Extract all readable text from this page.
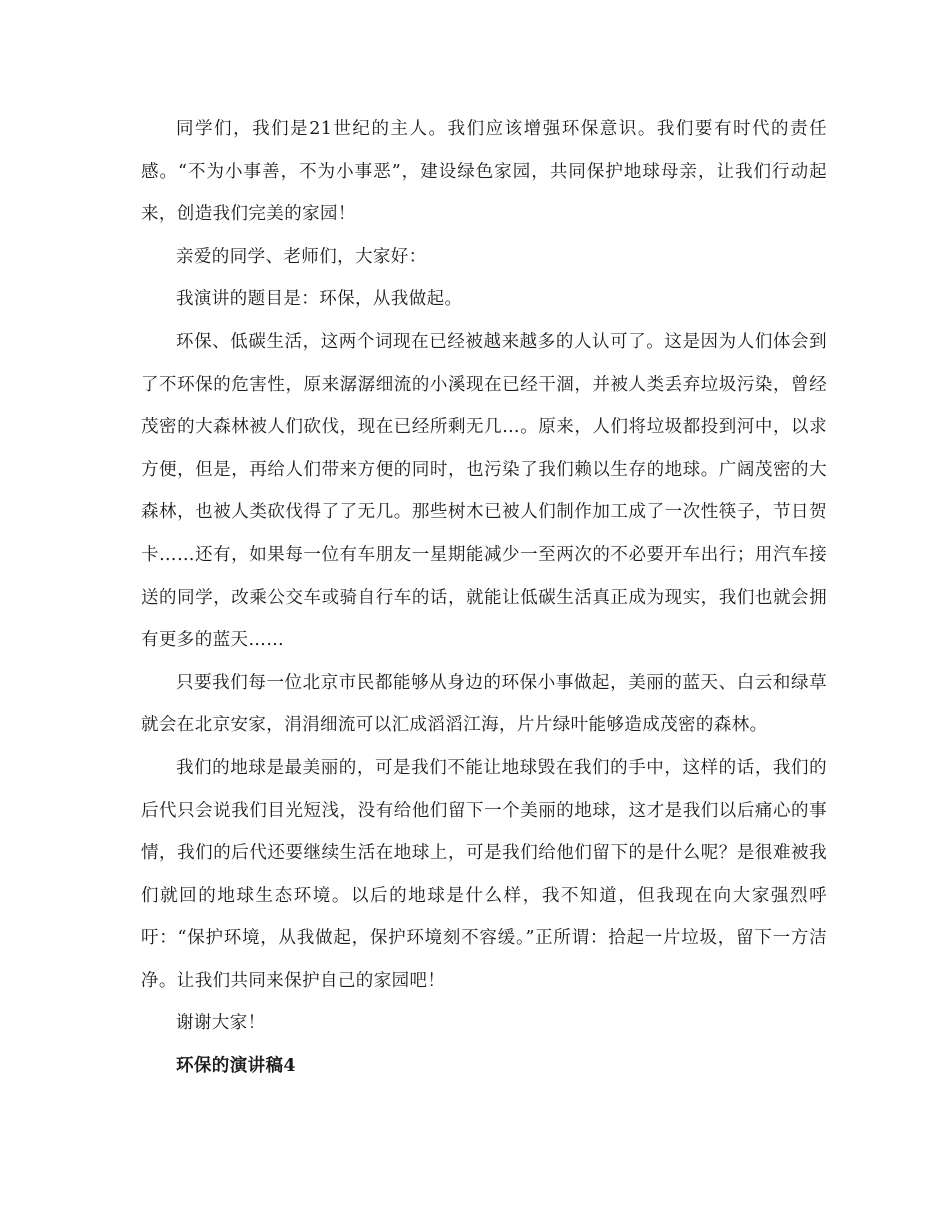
同学们，我们是21世纪的主人。我们应该增强环保意识。我们要有时代的责任感。“不为小事善，不为小事恶”，建设绿色家园，共同保护地球母亲，让我们行动起来，创造我们完美的家园！

亲爱的同学、老师们，大家好：

我演讲的题目是：环保，从我做起。

环保、低碳生活，这两个词现在已经被越来越多的人认可了。这是因为人们体会到了不环保的危害性，原来潺潺细流的小溪现在已经干涸，并被人类丢弃垃圾污染，曾经茂密的大森林被人们砍伐，现在已经所剩无几…。原来，人们将垃圾都投到河中，以求方便，但是，再给人们带来方便的同时，也污染了我们赖以生存的地球。广阔茂密的大森林，也被人类砍伐得了了无几。那些树木已被人们制作加工成了一次性筷子，节日贺卡……还有，如果每一位有车朋友一星期能减少一至两次的不必要开车出行；用汽车接送的同学，改乘公交车或骑自行车的话，就能让低碳生活真正成为现实，我们也就会拥有更多的蓝天……

只要我们每一位北京市民都能够从身边的环保小事做起，美丽的蓝天、白云和绿草就会在北京安家，涓涓细流可以汇成滔滔江海，片片绿叶能够造成茂密的森林。

我们的地球是最美丽的，可是我们不能让地球毁在我们的手中，这样的话，我们的后代只会说我们目光短浅，没有给他们留下一个美丽的地球，这才是我们以后痛心的事情，我们的后代还要继续生活在地球上，可是我们给他们留下的是什么呢？是很难被我们就回的地球生态环境。以后的地球是什么样，我不知道，但我现在向大家强烈呼吁：“保护环境，从我做起，保护环境刻不容缓。”正所谓：拾起一片垃圾，留下一方洁净。让我们共同来保护自己的家园吧！

谢谢大家！

环保的演讲稿4
